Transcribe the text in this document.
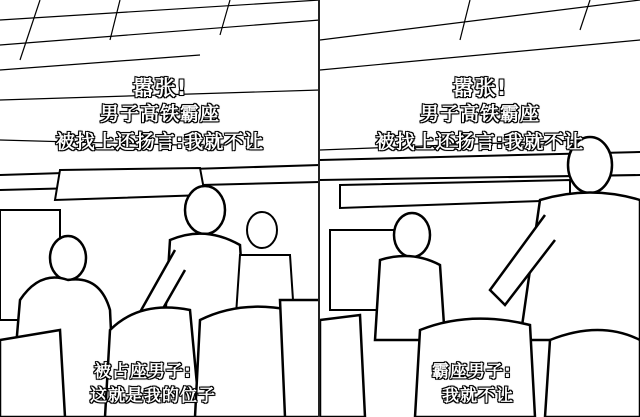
嚣张!
男子高铁霸座
被找上还扬言:我就不让
被占座男子:
这就是我的位子
嚣张!
男子高铁霸座
被找上还扬言:我就不让
霸座男子:
我就不让
